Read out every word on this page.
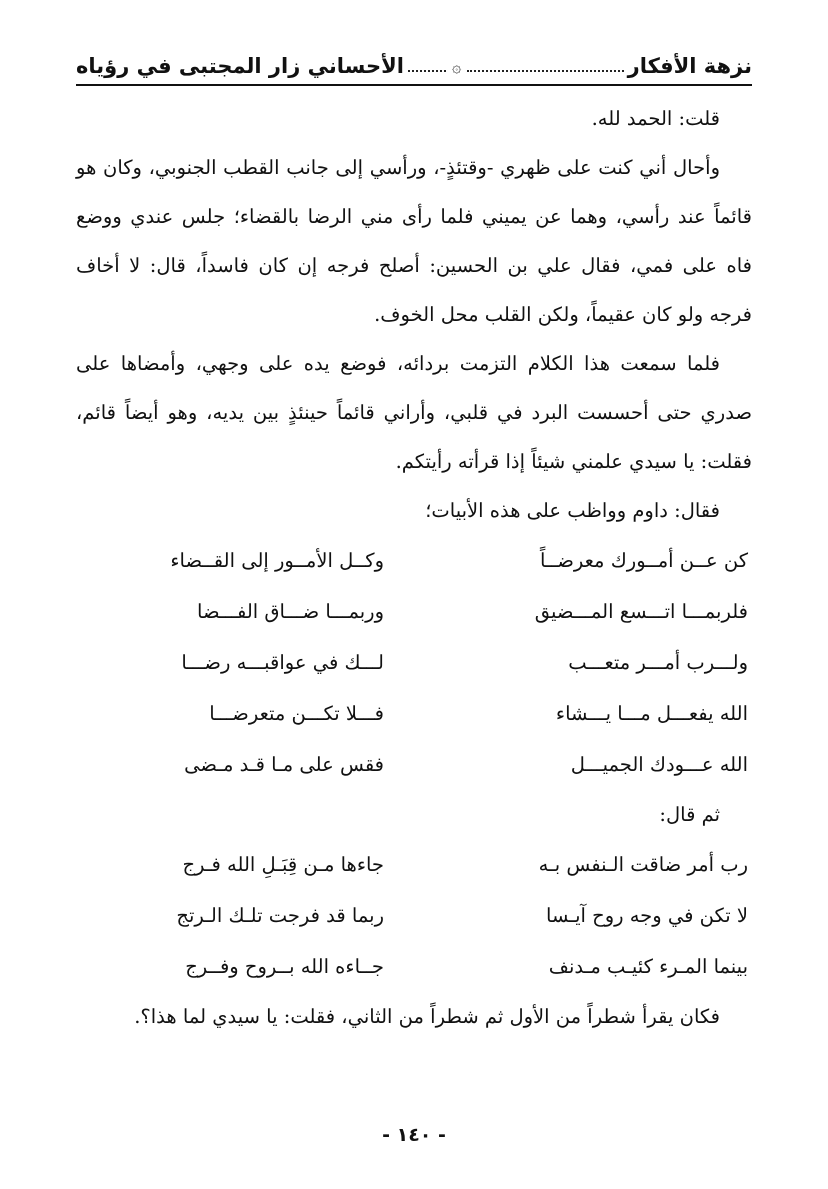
نزهة الأفكار
۞
الأحساني زار المجتبى في رؤياه

قلت: الحمد لله.

وأحال أني كنت على ظهري -وقتئذٍ-، ورأسي إلى جانب القطب الجنوبي، وكان هو قائماً عند رأسي، وهما عن يميني فلما رأى مني الرضا بالقضاء؛ جلس عندي ووضع فاه على فمي، فقال علي بن الحسين: أصلح فرجه إن كان فاسداً، قال: لا أخاف فرجه ولو كان عقيماً، ولكن القلب محل الخوف.

فلما سمعت هذا الكلام التزمت بردائه، فوضع يده على وجهي، وأمضاها على صدري حتى أحسست البرد في قلبي، وأراني قائماً حينئذٍ بين يديه، وهو أيضاً قائم، فقلت: يا سيدي علمني شيئاً إذا قرأته رأيتكم.

فقال: داوم وواظب على هذه الأبيات؛

كن عــن أمــورك معرضــاً
وكــل الأمــور إلى القــضاء
فلربمـــا اتـــسع المـــضيق
وربمـــا ضـــاق الفـــضا
ولـــرب أمـــر متعـــب
لـــك في عواقبـــه رضـــا
الله يفعـــل مـــا يـــشاء
فـــلا تكـــن متعرضـــا
الله عـــودك الجميـــل
فقس على مـا قـد مـضى

ثم قال:

رب أمر ضاقت الـنفس بـه
جاءها مـن قِبَـلِ الله فـرج
لا تكن في وجه روح آيـسا
ربما قد فرجت تلـك الـرتج
بينما المـرء كئيـب مـدنف
جــاءه الله بــروح وفــرج

فكان يقرأ شطراً من الأول ثم شطراً من الثاني، فقلت: يا سيدي لما هذا؟.

- ١٤٠ -
